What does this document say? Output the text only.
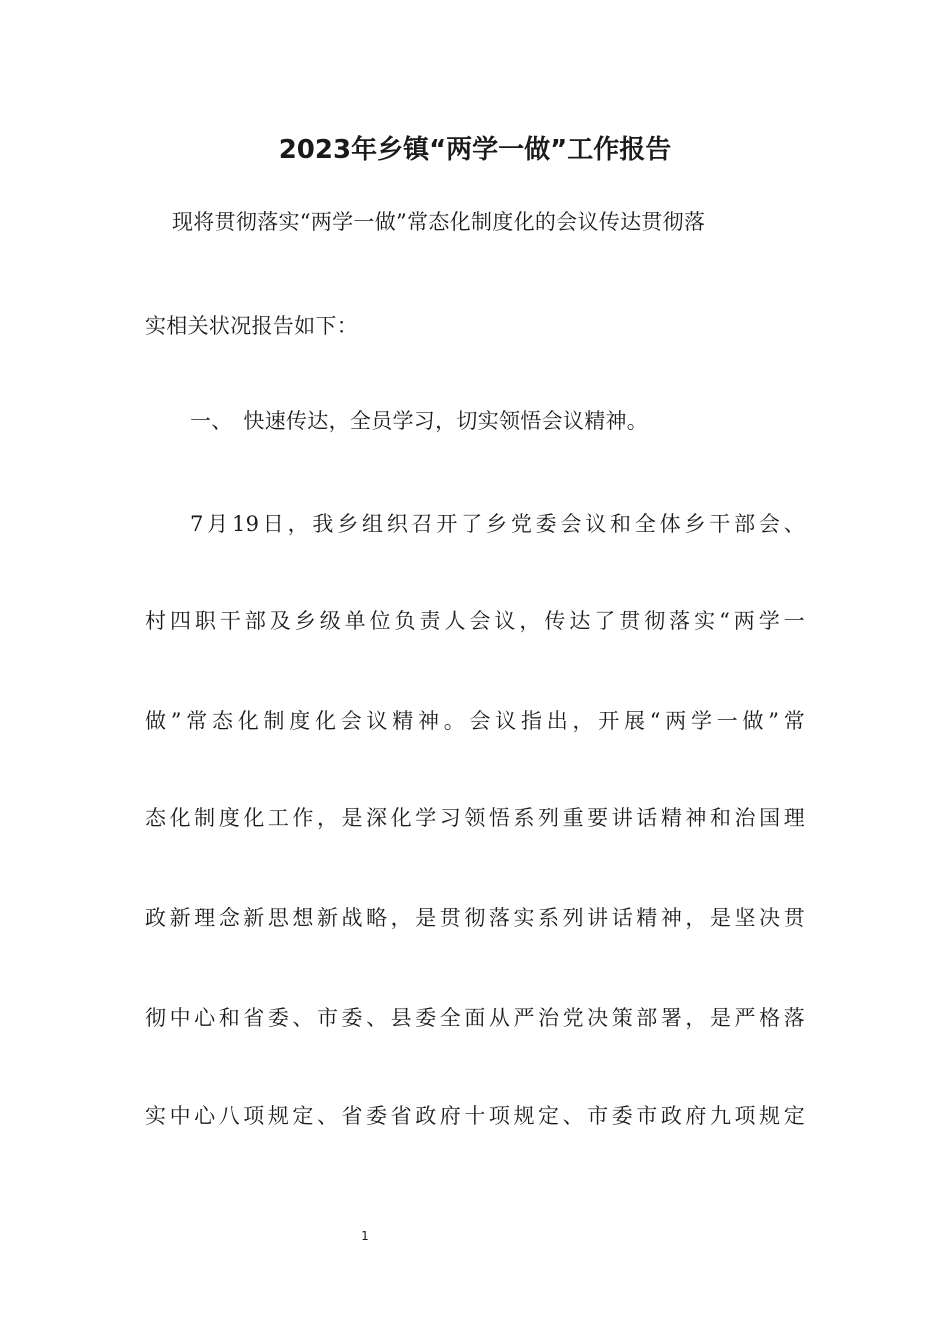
2023年乡镇“两学一做”工作报告

现将贯彻落实“两学一做”常态化制度化的会议传达贯彻落

实相关状况报告如下：

一、　快速传达，全员学习，切实领悟会议精神。

7月19日，我乡组织召开了乡党委会议和全体乡干部会、

村四职干部及乡级单位负责人会议，传达了贯彻落实“两学一

做”常态化制度化会议精神。会议指出，开展“两学一做”常

态化制度化工作，是深化学习领悟系列重要讲话精神和治国理

政新理念新思想新战略，是贯彻落实系列讲话精神，是坚决贯

彻中心和省委、市委、县委全面从严治党决策部署，是严格落

实中心八项规定、省委省政府十项规定、市委市政府九项规定

1
